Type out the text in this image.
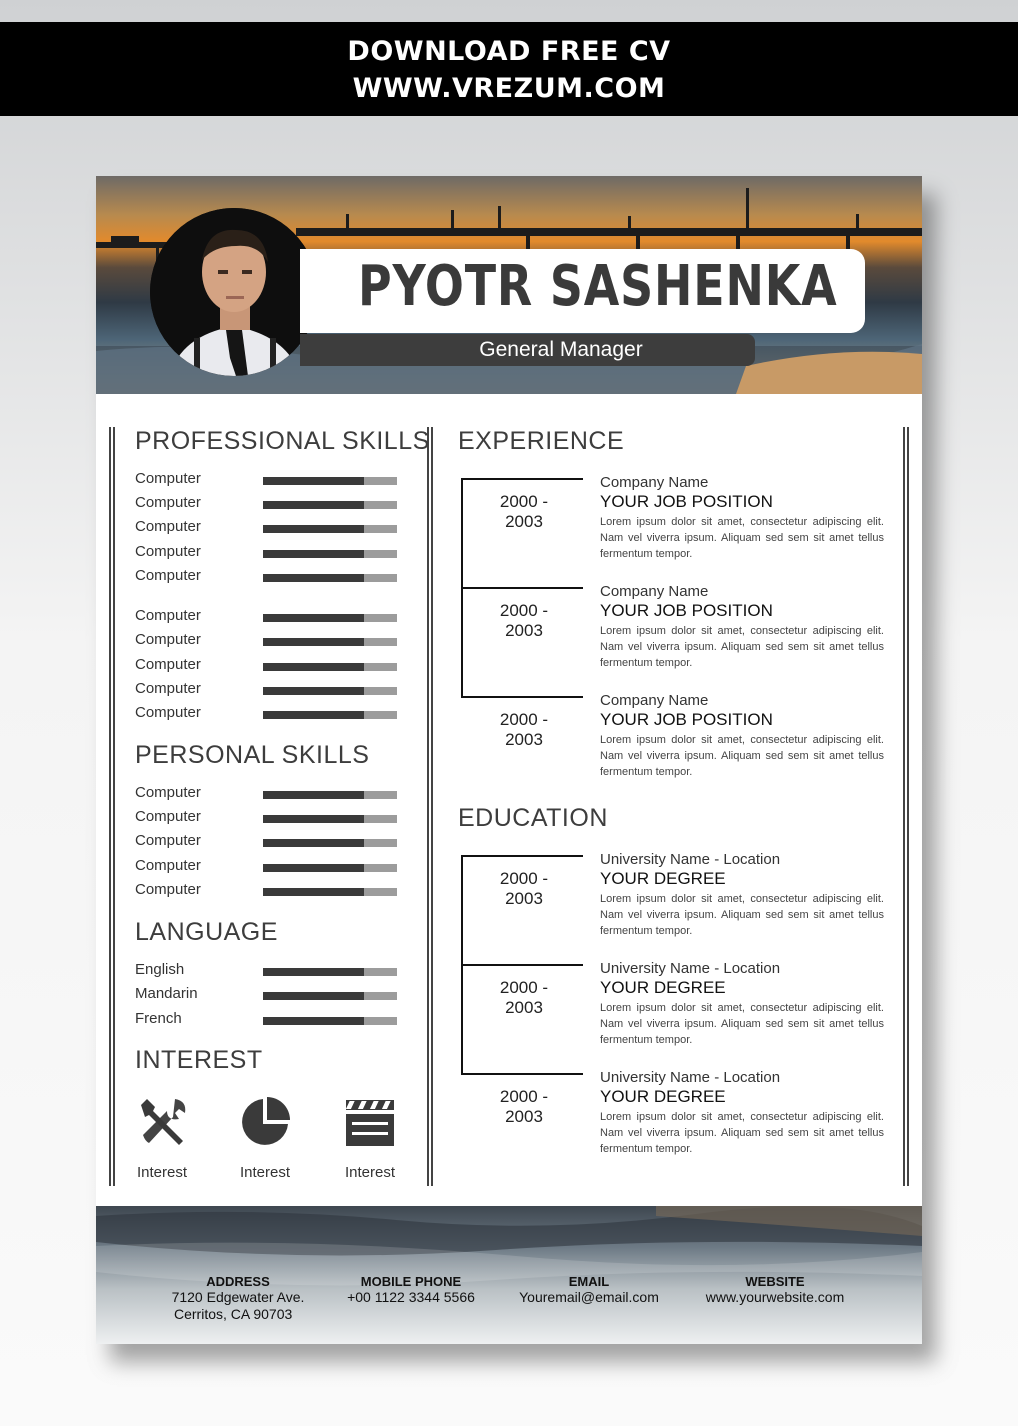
DOWNLOAD FREE CV
WWW.VREZUM.COM
PYOTR SASHENKA
General Manager
PROFESSIONAL SKILLS
Computer
Computer
Computer
Computer
Computer
Computer
Computer
Computer
Computer
Computer
PERSONAL SKILLS
Computer
Computer
Computer
Computer
Computer
LANGUAGE
English
Mandarin
French
INTEREST
Interest	Interest	Interest
EXPERIENCE
2000 - 2003
Company Name
YOUR JOB POSITION
Lorem ipsum dolor sit amet, consectetur adipiscing elit. Nam vel viverra ipsum. Aliquam sed sem sit amet tellus fermentum tempor.
2000 - 2003
Company Name
YOUR JOB POSITION
Lorem ipsum dolor sit amet, consectetur adipiscing elit. Nam vel viverra ipsum. Aliquam sed sem sit amet tellus fermentum tempor.
2000 - 2003
Company Name
YOUR JOB POSITION
Lorem ipsum dolor sit amet, consectetur adipiscing elit. Nam vel viverra ipsum. Aliquam sed sem sit amet tellus fermentum tempor.
EDUCATION
2000 - 2003
University Name - Location
YOUR DEGREE
Lorem ipsum dolor sit amet, consectetur adipiscing elit. Nam vel viverra ipsum. Aliquam sed sem sit amet tellus fermentum tempor.
2000 - 2003
University Name - Location
YOUR DEGREE
Lorem ipsum dolor sit amet, consectetur adipiscing elit. Nam vel viverra ipsum. Aliquam sed sem sit amet tellus fermentum tempor.
2000 - 2003
University Name - Location
YOUR DEGREE
Lorem ipsum dolor sit amet, consectetur adipiscing elit. Nam vel viverra ipsum. Aliquam sed sem sit amet tellus fermentum tempor.
ADDRESS
7120 Edgewater Ave.
Cerritos, CA 90703
MOBILE PHONE
+00 1122 3344 5566
EMAIL
Youremail@email.com
WEBSITE
www.yourwebsite.com
